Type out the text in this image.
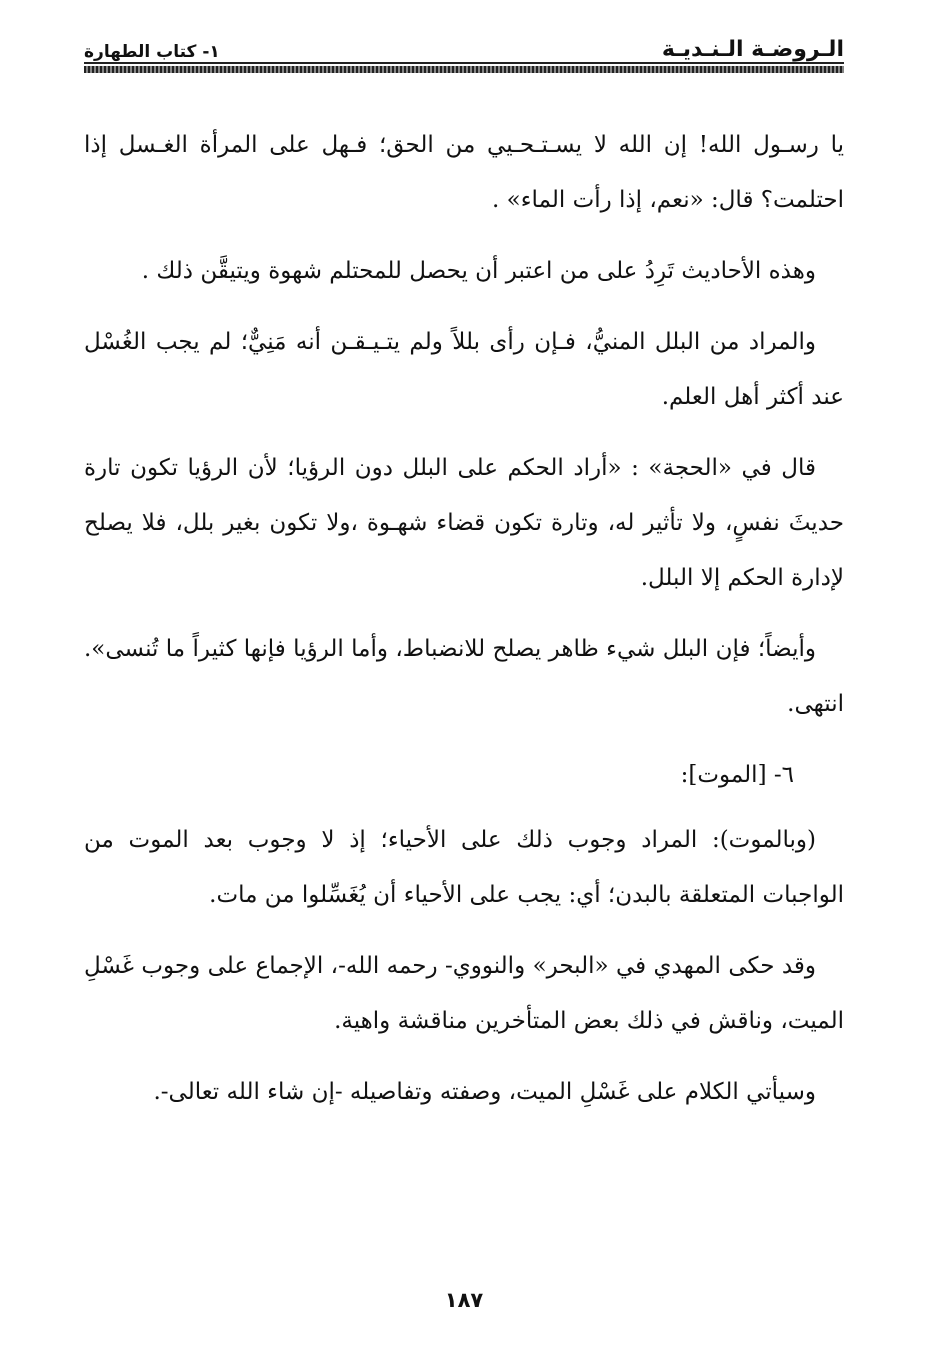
الـروضـة الـنـديـة
١- كتاب الطهارة

يا رسـول الله! إن الله لا يسـتـحـيي من الحق؛ فـهل على المرأة الغـسل إذا احتلمت؟ قال: «نعم، إذا رأت الماء» .

وهذه الأحاديث تَرِدُ على من اعتبر أن يحصل للمحتلم شهوة ويتيقَّن ذلك .

والمراد من البلل المنيُّ، فـإن رأى بللاً ولم يتـيـقـن أنه مَنِيٌّ؛ لم يجب الغُسْل عند أكثر أهل العلم.

قال في «الحجة» : «أراد الحكم على البلل دون الرؤيا؛ لأن الرؤيا تكون تارة حديثَ نفسٍ، ولا تأثير له، وتارة تكون قضاء شهـوة ،ولا تكون بغير بلل، فلا يصلح لإدارة الحكم إلا البلل.

وأيضاً؛ فإن البلل شيء ظاهر يصلح للانضباط، وأما الرؤيا فإنها كثيراً ما تُنسى». انتهى.

٦- [الموت]:

(وبالموت): المراد وجوب ذلك على الأحياء؛ إذ لا وجوب بعد الموت من الواجبات المتعلقة بالبدن؛ أي: يجب على الأحياء أن يُغَسِّلوا من مات.

وقد حكى المهدي في «البحر» والنووي- رحمه الله-، الإجماع على وجوب غَسْلِ الميت، وناقش في ذلك بعض المتأخرين مناقشة واهية.

وسيأتي الكلام على غَسْلِ الميت، وصفته وتفاصيله -إن شاء الله تعالى-.

١٨٧
